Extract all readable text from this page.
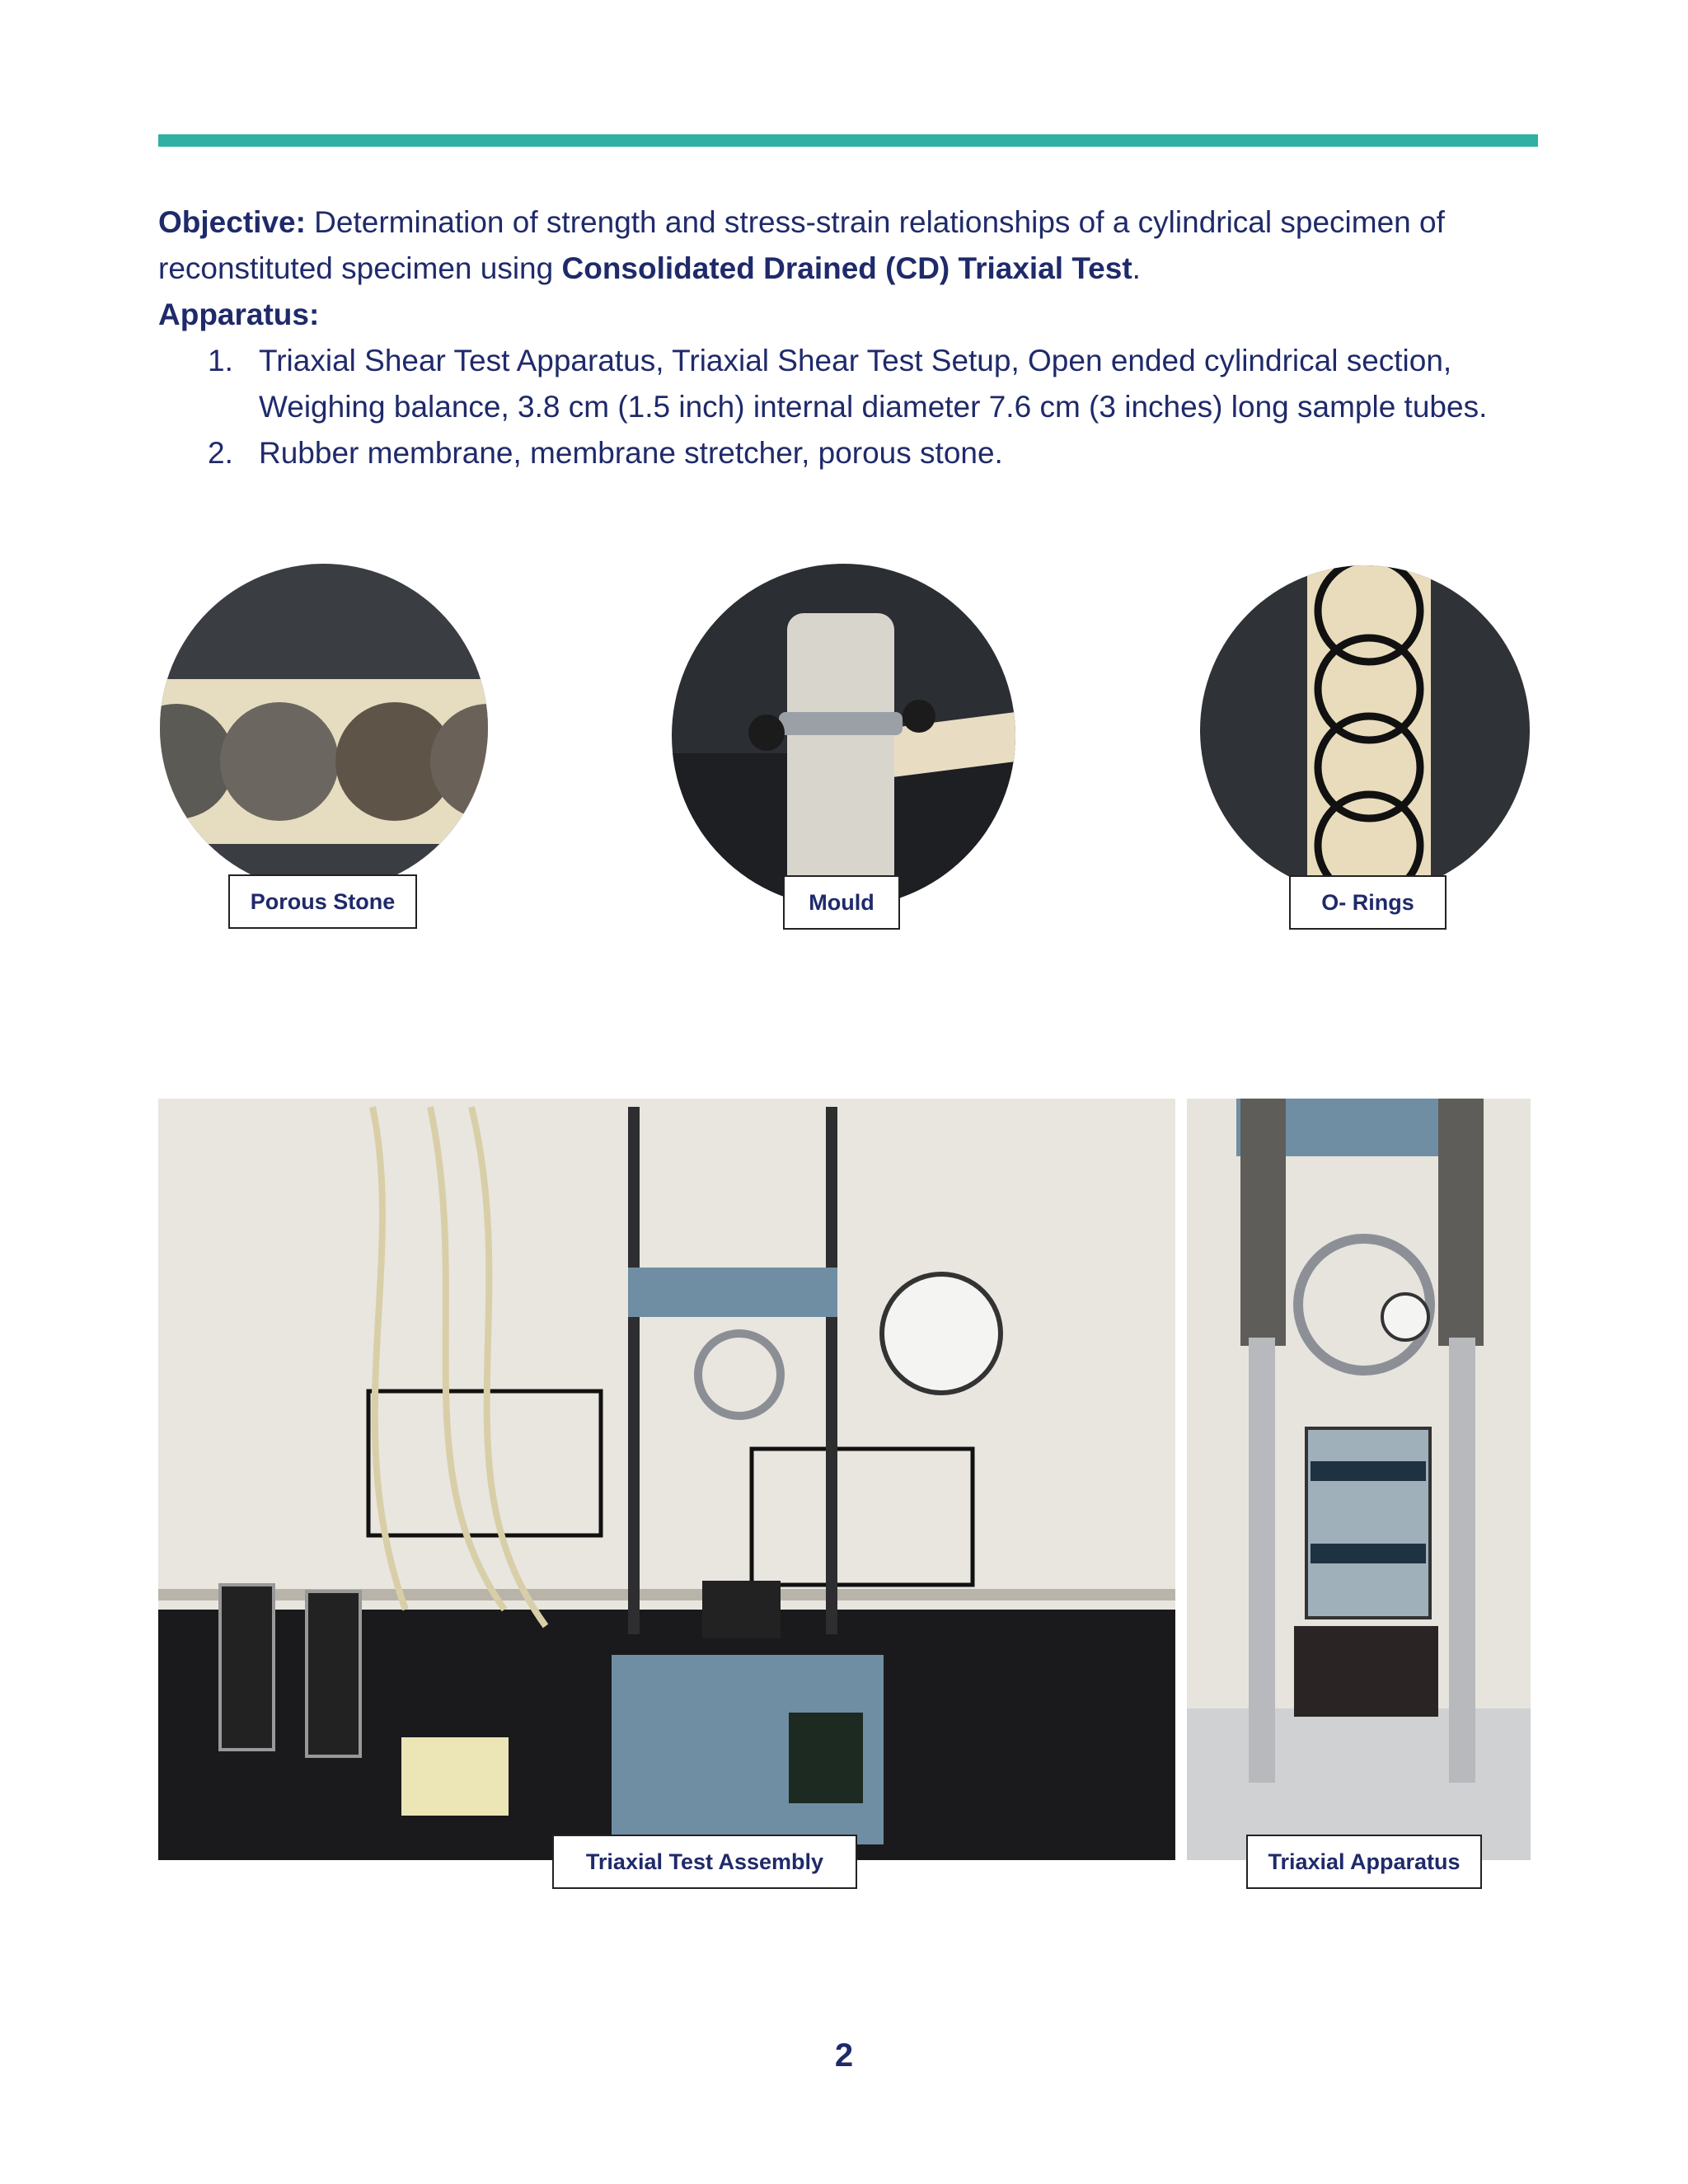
Objective: Determination of strength and stress-strain relationships of a cylindrical specimen of reconstituted specimen using Consolidated Drained (CD) Triaxial Test.

Apparatus:

1. Triaxial Shear Test Apparatus, Triaxial Shear Test Setup, Open ended cylindrical section, Weighing balance, 3.8 cm (1.5 inch) internal diameter 7.6 cm (3 inches) long sample tubes.
2. Rubber membrane, membrane stretcher, porous stone.
Porous Stone	Mould	O- Rings
Triaxial Test Assembly	Triaxial Apparatus
2
